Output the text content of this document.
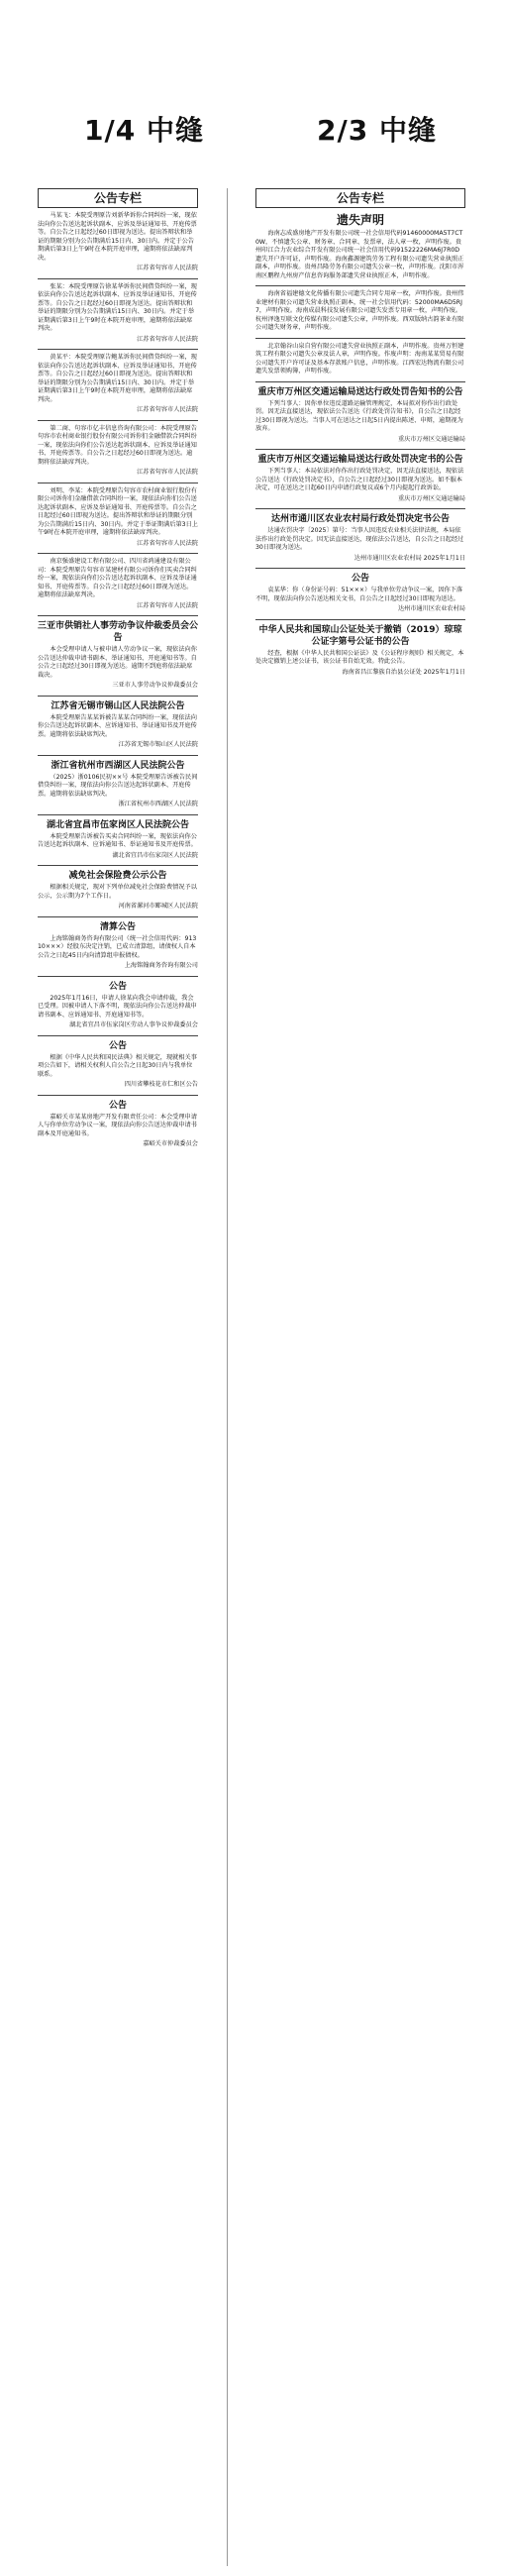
1/4 中缝	2/3 中缝
公告专栏
马某飞：本院受理原告刘新华诉你合同纠纷一案，现依法向你公告送达起诉状副本、应诉及举证通知书、开庭传票等。自公告之日起经过60日即视为送达。提出答辩状和举证的期限分别为公告期满后15日内、30日内。并定于公告期满后第3日上午9时在本院开庭审理，逾期将依法缺席判决。
江苏省句容市人民法院
张某：本院受理原告徐某华诉你民间借贷纠纷一案，现依法向你公告送达起诉状副本、应诉及举证通知书、开庭传票等。自公告之日起经过60日即视为送达。提出答辩状和举证的期限分别为公告期满后15日内、30日内。并定于举证期满后第3日上午9时在本院开庭审理，逾期将依法缺席判决。
江苏省句容市人民法院
黄某平：本院受理原告鲍某诉你民间借贷纠纷一案，现依法向你公告送达起诉状副本、应诉及举证通知书、开庭传票等。自公告之日起经过60日即视为送达。提出答辩状和举证的期限分别为公告期满后15日内、30日内。并定于举证期满后第3日上午9时在本院开庭审理，逾期将依法缺席判决。
江苏省句容市人民法院
第二商、句容市亿丰信息咨询有限公司：本院受理原告句容市农村商业银行股份有限公司诉你们金融借款合同纠纷一案，现依法向你们公告送达起诉状副本、应诉及举证通知书、开庭传票等。自公告之日起经过60日即视为送达。逾期将依法缺席判决。
江苏省句容市人民法院
刘明、李某：本院受理原告句容市农村商业银行股份有限公司诉你们金融借款合同纠纷一案，现依法向你们公告送达起诉状副本、应诉及举证通知书、开庭传票等。自公告之日起经过60日即视为送达。提出答辩状和举证的期限分别为公告期满后15日内、30日内。并定于举证期满后第3日上午9时在本院开庭审理，逾期将依法缺席判决。
江苏省句容市人民法院
南京强盛建设工程有限公司、四川省鸿通建设有限公司：本院受理原告句容市某建材有限公司诉你们买卖合同纠纷一案，现依法向你们公告送达起诉状副本、应诉及举证通知书、开庭传票等。自公告之日起经过60日即视为送达。逾期将依法缺席判决。
江苏省句容市人民法院
三亚市供销社人事劳动争议仲裁委员会公告
本会受理申请人与被申请人劳动争议一案，现依法向你公告送达仲裁申请书副本、举证通知书、开庭通知书等。自公告之日起经过30日即视为送达。逾期不到庭将依法缺席裁决。
三亚市人事劳动争议仲裁委员会
江苏省无锡市锡山区人民法院公告
本院受理原告某某诉被告某某合同纠纷一案，现依法向你公告送达起诉状副本、应诉通知书、举证通知书及开庭传票。逾期将依法缺席判决。
江苏省无锡市锡山区人民法院
浙江省杭州市西湖区人民法院公告
（2025）浙0106民初××号 本院受理原告诉被告民间借贷纠纷一案，现依法向你公告送达起诉状副本、开庭传票。逾期将依法缺席判决。
浙江省杭州市西湖区人民法院
湖北省宜昌市伍家岗区人民法院公告
本院受理原告诉被告买卖合同纠纷一案，现依法向你公告送达起诉状副本、应诉通知书、举证通知书及开庭传票。
湖北省宜昌市伍家岗区人民法院
减免社会保险费公示公告
根据相关规定，现对下列单位减免社会保险费情况予以公示，公示期为7个工作日。
河南省漯河市郾城区人民法院
清算公告
上海铭翰商务咨询有限公司（统一社会信用代码：91310×××）经股东决定注销，已成立清算组，请债权人自本公告之日起45日内向清算组申报债权。
上海铭翰商务咨询有限公司
公告
2025年1月16日，申请人徐某向我会申请仲裁，我会已受理。因被申请人下落不明，现依法向你公告送达仲裁申请书副本、应诉通知书、开庭通知书等。
湖北省宜昌市伍家岗区劳动人事争议仲裁委员会
公告
根据《中华人民共和国民法典》相关规定，现就相关事项公告如下，请相关权利人自公告之日起30日内与我单位联系。
四川省攀枝花市仁和区公告
公告
嘉峪关市某某房地产开发有限责任公司：本会受理申请人与你单位劳动争议一案，现依法向你公告送达仲裁申请书副本及开庭通知书。
嘉峪关市仲裁委员会
公告专栏
遗失声明
海南志成盛房地产开发有限公司统一社会信用代码91460000MA5T7CT0W，不慎遗失公章、财务章、合同章、发票章，法人章一枚，声明作废。贵州印江合力农业综合开发有限公司统一社会信用代码91522226MA6J7R0D遗失开户许可证，声明作废。海南鑫源建筑劳务工程有限公司遗失营业执照正副本，声明作废。贵州昌隆劳务有限公司遗失公章一枚，声明作废。沈阳市浑南区鹏程九州房产信息咨询服务部遗失营业执照正本，声明作废。
海南省福建德文化传播有限公司遗失合同专用章一枚，声明作废。贵州伟业建材有限公司遗失营业执照正副本，统一社会信用代码：52000MA6D5RJ7，声明作废。海南成晨科技发展有限公司遗失发票专用章一枚，声明作废。杭州泽逸互联文化传媒有限公司遗失公章，声明作废。西双版纳古韵茶业有限公司遗失财务章，声明作废。
北京翰谷山泉自营有限公司遗失营业执照正副本，声明作废。贵州万恒建筑工程有限公司遗失公章及法人章，声明作废。作废声明：海南某某贸易有限公司遗失开户许可证及基本存款账户信息，声明作废。江西宏达物流有限公司遗失发票领购簿，声明作废。
重庆市万州区交通运输局送达行政处罚告知书的公告
下列当事人：因你单位违反道路运输管理规定，本局拟对你作出行政处罚。因无法直接送达，现依法公告送达《行政处罚告知书》，自公告之日起经过30日即视为送达。当事人可在送达之日起5日内提出陈述、申辩，逾期视为放弃。
重庆市万州区交通运输局
重庆市万州区交通运输局送达行政处罚决定书的公告
下列当事人：本局依法对你作出行政处罚决定，因无法直接送达，现依法公告送达《行政处罚决定书》，自公告之日起经过30日即视为送达。如不服本决定，可在送达之日起60日内申请行政复议或6个月内提起行政诉讼。
重庆市万州区交通运输局
达州市通川区农业农村局行政处罚决定书公告
达通农罚决字〔2025〕第号：当事人因违反农业相关法律法规，本局依法作出行政处罚决定。因无法直接送达，现依法公告送达，自公告之日起经过30日即视为送达。
达州市通川区农业农村局 2025年1月1日
公告
袁某华：你（身份证号码：51×××）与我单位劳动争议一案，因你下落不明，现依法向你公告送达相关文书，自公告之日起经过30日即视为送达。
达州市通川区农业农村局
中华人民共和国琼山公证处关于撤销（2019）琼琼公证字第号公证书的公告
经查，根据《中华人民共和国公证法》及《公证程序规则》相关规定，本处决定撤销上述公证书，该公证书自始无效。特此公告。
海南省昌江黎族自治县公证处 2025年1月1日
